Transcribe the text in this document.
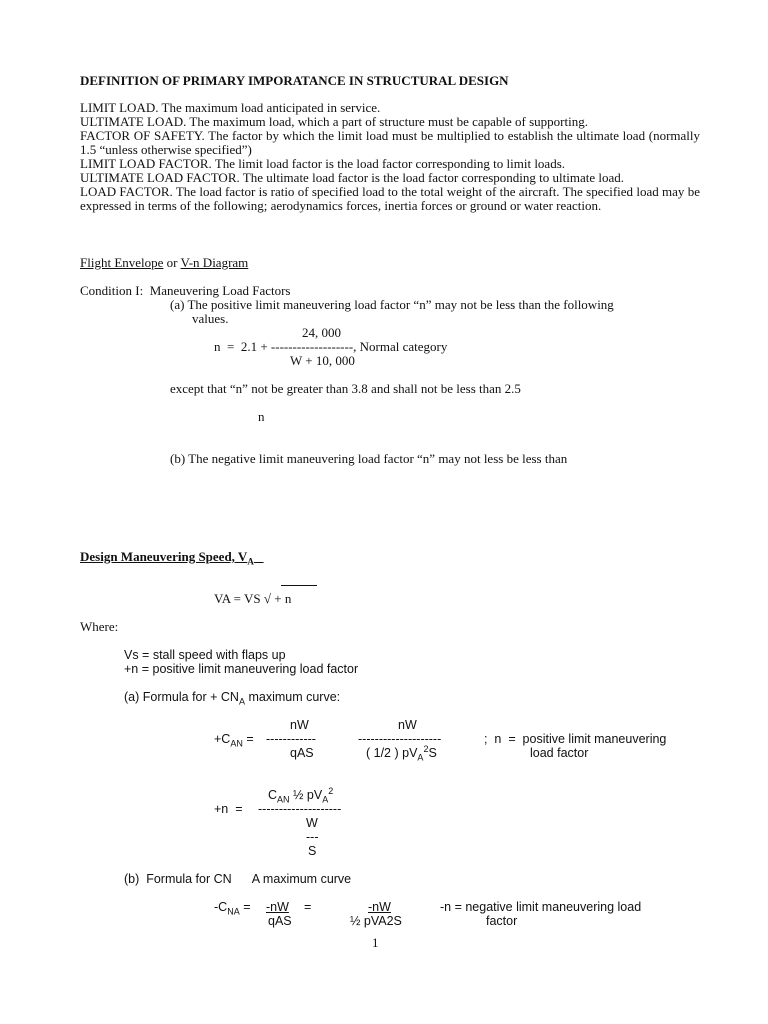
DEFINITION OF PRIMARY IMPORATANCE IN STRUCTURAL DESIGN
LIMIT LOAD. The maximum load anticipated in service.
ULTIMATE LOAD. The maximum load, which a part of structure must be capable of supporting.
FACTOR OF SAFETY. The factor by which the limit load must be multiplied to establish the ultimate load (normally 1.5 “unless otherwise specified”)
LIMIT LOAD FACTOR. The limit load factor is the load factor corresponding to limit loads.
ULTIMATE LOAD FACTOR. The ultimate load factor is the load factor corresponding to ultimate load.
LOAD FACTOR. The load factor is ratio of specified load to the total weight of the aircraft. The specified load may be expressed in terms of the following; aerodynamics forces, inertia forces or ground or water reaction.
Flight Envelope or V-n Diagram
Condition I:  Maneuvering Load Factors
(a) The positive limit maneuvering load factor “n” may not be less than the following
values.
24, 000
n  =  2.1 + -------------------, Normal category
W + 10, 000
except that “n” not be greater than 3.8 and shall not be less than 2.5
n
(b) The negative limit maneuvering load factor “n” may not less be less than
Design Maneuvering Speed, $V_A$
VA = VS √ + n
Where:
Vs = stall speed with flaps up
+n = positive limit maneuvering load factor
(a) Formula for + $CN_A$ maximum curve:
nW	nW
$+C_{AN}$ = ------------	--------------------	;  n  =  positive limit maneuvering
qAS	( 1/2 ) $pV_A^2S$	load factor
$C_{AN}$ ½ $pV_A^2$
+n  = --------------------
W
---
S
(b)  Formula for CN      A maximum curve
$-C_{NA} = -nW$ =	-nW	-n = negative limit maneuvering load
qAS	½ pVA2S	factor
1
